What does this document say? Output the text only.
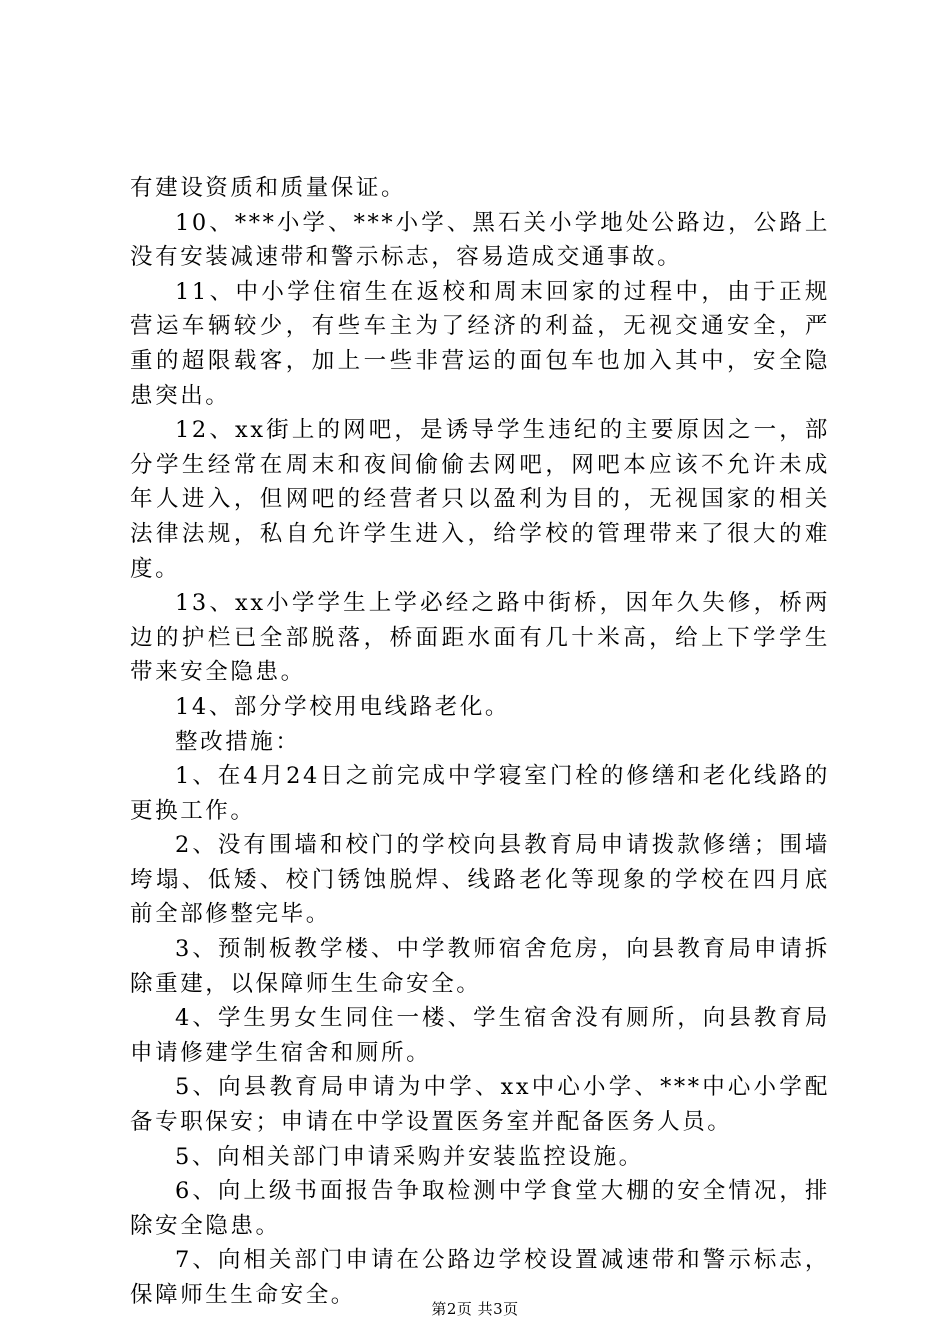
有建设资质和质量保证。

10、***小学、***小学、黑石关小学地处公路边，公路上没有安装减速带和警示标志，容易造成交通事故。

11、中小学住宿生在返校和周末回家的过程中，由于正规营运车辆较少，有些车主为了经济的利益，无视交通安全，严重的超限载客，加上一些非营运的面包车也加入其中，安全隐患突出。

12、xx街上的网吧，是诱导学生违纪的主要原因之一，部分学生经常在周末和夜间偷偷去网吧，网吧本应该不允许未成年人进入，但网吧的经营者只以盈利为目的，无视国家的相关法律法规，私自允许学生进入，给学校的管理带来了很大的难度。

13、xx小学学生上学必经之路中街桥，因年久失修，桥两边的护栏已全部脱落，桥面距水面有几十米高，给上下学学生带来安全隐患。

14、部分学校用电线路老化。

整改措施：

1、在4月24日之前完成中学寝室门栓的修缮和老化线路的更换工作。

2、没有围墙和校门的学校向县教育局申请拨款修缮；围墙垮塌、低矮、校门锈蚀脱焊、线路老化等现象的学校在四月底前全部修整完毕。

3、预制板教学楼、中学教师宿舍危房，向县教育局申请拆除重建，以保障师生生命安全。

4、学生男女生同住一楼、学生宿舍没有厕所，向县教育局申请修建学生宿舍和厕所。

5、向县教育局申请为中学、xx中心小学、***中心小学配备专职保安；申请在中学设置医务室并配备医务人员。

5、向相关部门申请采购并安装监控设施。

6、向上级书面报告争取检测中学食堂大棚的安全情况，排除安全隐患。

7、向相关部门申请在公路边学校设置减速带和警示标志，保障师生生命安全。

第2页 共3页
